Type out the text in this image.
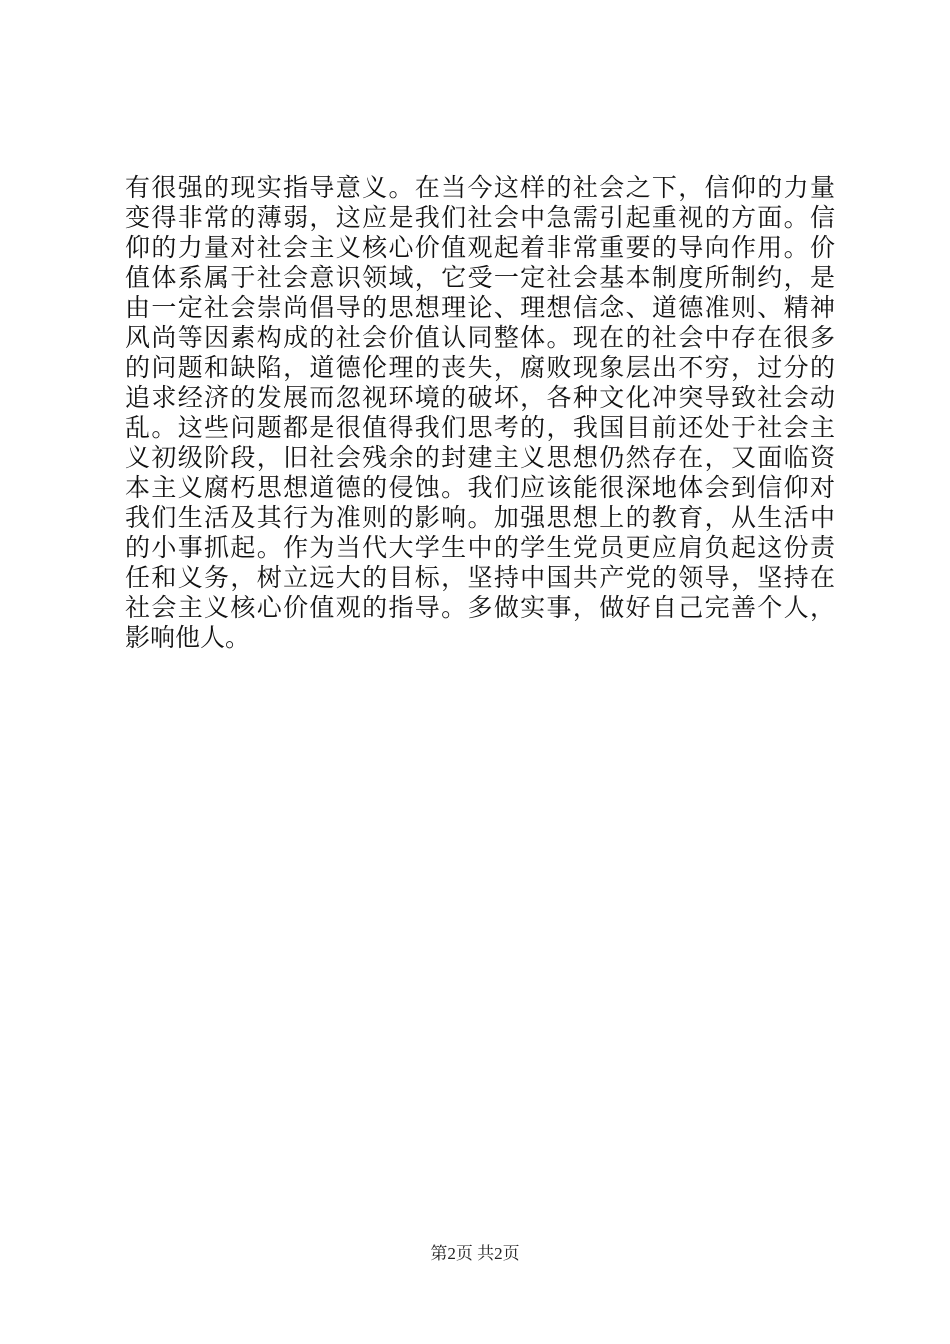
有很强的现实指导意义。在当今这样的社会之下，信仰的力量
变得非常的薄弱，这应是我们社会中急需引起重视的方面。信
仰的力量对社会主义核心价值观起着非常重要的导向作用。价
值体系属于社会意识领域，它受一定社会基本制度所制约，是
由一定社会崇尚倡导的思想理论、理想信念、道德准则、精神
风尚等因素构成的社会价值认同整体。现在的社会中存在很多
的问题和缺陷，道德伦理的丧失，腐败现象层出不穷，过分的
追求经济的发展而忽视环境的破坏，各种文化冲突导致社会动
乱。这些问题都是很值得我们思考的，我国目前还处于社会主
义初级阶段，旧社会残余的封建主义思想仍然存在，又面临资
本主义腐朽思想道德的侵蚀。我们应该能很深地体会到信仰对
我们生活及其行为准则的影响。加强思想上的教育，从生活中
的小事抓起。作为当代大学生中的学生党员更应肩负起这份责
任和义务，树立远大的目标，坚持中国共产党的领导，坚持在
社会主义核心价值观的指导。多做实事，做好自己完善个人，
影响他人。
第2页 共2页
